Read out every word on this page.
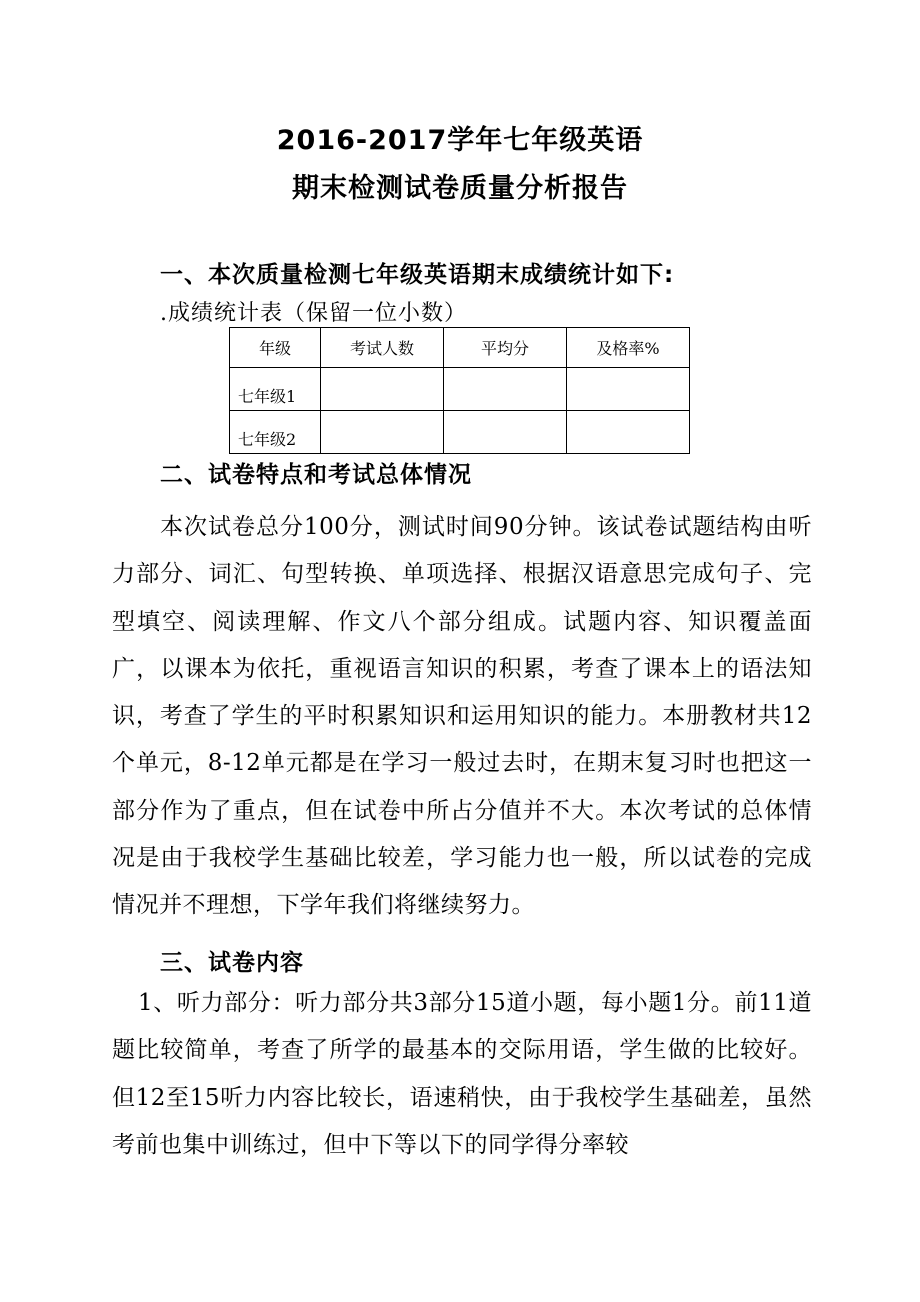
2016-2017学年七年级英语
期末检测试卷质量分析报告
一、本次质量检测七年级英语期末成绩统计如下:
.成绩统计表（保留一位小数）
年级	考试人数	平均分	及格率%
七年级1			
七年级2			
二、试卷特点和考试总体情况
本次试卷总分100分，测试时间90分钟。该试卷试题结构由听力部分、词汇、句型转换、单项选择、根据汉语意思完成句子、完型填空、阅读理解、作文八个部分组成。试题内容、知识覆盖面广，以课本为依托，重视语言知识的积累，考查了课本上的语法知识，考查了学生的平时积累知识和运用知识的能力。本册教材共12个单元，8-12单元都是在学习一般过去时，在期末复习时也把这一部分作为了重点，但在试卷中所占分值并不大。本次考试的总体情况是由于我校学生基础比较差，学习能力也一般，所以试卷的完成情况并不理想，下学年我们将继续努力。
三、试卷内容
1、听力部分：听力部分共3部分15道小题，每小题1分。前11道题比较简单，考查了所学的最基本的交际用语，学生做的比较好。但12至15听力内容比较长，语速稍快，由于我校学生基础差，虽然考前也集中训练过，但中下等以下的同学得分率较
